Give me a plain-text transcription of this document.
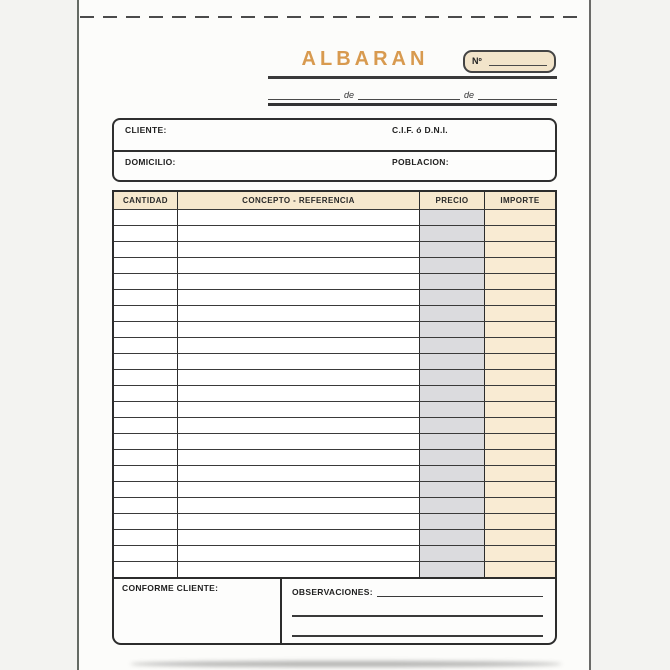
ALBARAN	Nº
de	de
CLIENTE:	C.I.F. ó D.N.I.
DOMICILIO:	POBLACION:
CANTIDAD	CONCEPTO - REFERENCIA	PRECIO	IMPORTE
CONFORME CLIENTE:	OBSERVACIONES:
